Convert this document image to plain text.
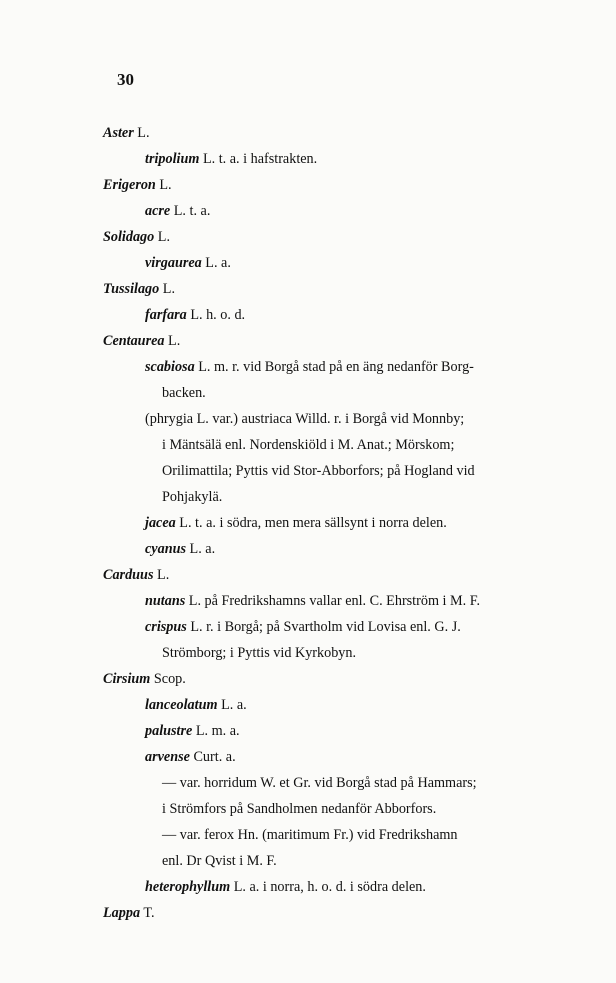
30
Aster L.
tripolium L. t. a. i hafstrakten.
Erigeron L.
acre L. t. a.
Solidago L.
virgaurea L. a.
Tussilago L.
farfara L. h. o. d.
Centaurea L.
scabiosa L. m. r. vid Borgå stad på en äng nedanför Borg-
backen.
(phrygia L. var.) austriaca Willd. r. i Borgå vid Monnby;
i Mäntsälä enl. Nordenskiöld i M. Anat.; Mörskom;
Orilimattila; Pyttis vid Stor-Abborfors; på Hogland vid
Pohjakylä.
jacea L. t. a. i södra, men mera sällsynt i norra delen.
cyanus L. a.
Carduus L.
nutans L. på Fredrikshamns vallar enl. C. Ehrström i M. F.
crispus L. r. i Borgå; på Svartholm vid Lovisa enl. G. J.
Strömborg; i Pyttis vid Kyrkobyn.
Cirsium Scop.
lanceolatum L. a.
palustre L. m. a.
arvense Curt. a.
— var. horridum W. et Gr. vid Borgå stad på Hammars;
i Strömfors på Sandholmen nedanför Abborfors.
— var. ferox Hn. (maritimum Fr.) vid Fredrikshamn
enl. Dr Qvist i M. F.
heterophyllum L. a. i norra, h. o. d. i södra delen.
Lappa T.
